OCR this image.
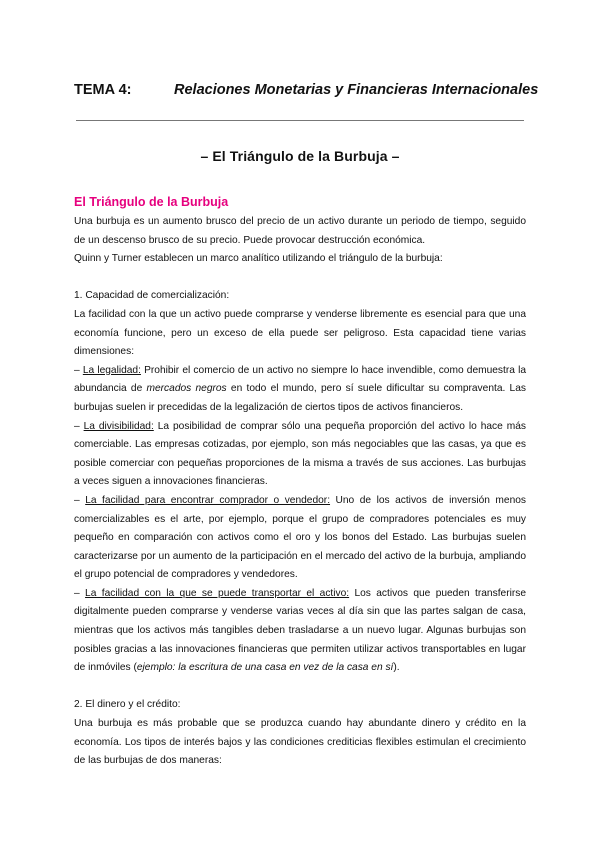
TEMA 4:	Relaciones Monetarias y Financieras Internacionales
– El Triángulo de la Burbuja –
El Triángulo de la Burbuja

Una burbuja es un aumento brusco del precio de un activo durante un periodo de tiempo, seguido de un descenso brusco de su precio. Puede provocar destrucción económica.

Quinn y Turner establecen un marco analítico utilizando el triángulo de la burbuja:

1. Capacidad de comercialización:

La facilidad con la que un activo puede comprarse y venderse libremente es esencial para que una economía funcione, pero un exceso de ella puede ser peligroso. Esta capacidad tiene varias dimensiones:

– La legalidad: Prohibir el comercio de un activo no siempre lo hace invendible, como demuestra la abundancia de mercados negros en todo el mundo, pero sí suele dificultar su compraventa. Las burbujas suelen ir precedidas de la legalización de ciertos tipos de activos financieros.

– La divisibilidad: La posibilidad de comprar sólo una pequeña proporción del activo lo hace más comerciable. Las empresas cotizadas, por ejemplo, son más negociables que las casas, ya que es posible comerciar con pequeñas proporciones de la misma a través de sus acciones. Las burbujas a veces siguen a innovaciones financieras.

– La facilidad para encontrar comprador o vendedor: Uno de los activos de inversión menos comercializables es el arte, por ejemplo, porque el grupo de compradores potenciales es muy pequeño en comparación con activos como el oro y los bonos del Estado. Las burbujas suelen caracterizarse por un aumento de la participación en el mercado del activo de la burbuja, ampliando el grupo potencial de compradores y vendedores.

– La facilidad con la que se puede transportar el activo: Los activos que pueden transferirse digitalmente pueden comprarse y venderse varias veces al día sin que las partes salgan de casa, mientras que los activos más tangibles deben trasladarse a un nuevo lugar. Algunas burbujas son posibles gracias a las innovaciones financieras que permiten utilizar activos transportables en lugar de inmóviles (ejemplo: la escritura de una casa en vez de la casa en sí).

2. El dinero y el crédito:

Una burbuja es más probable que se produzca cuando hay abundante dinero y crédito en la economía. Los tipos de interés bajos y las condiciones crediticias flexibles estimulan el crecimiento de las burbujas de dos maneras:
